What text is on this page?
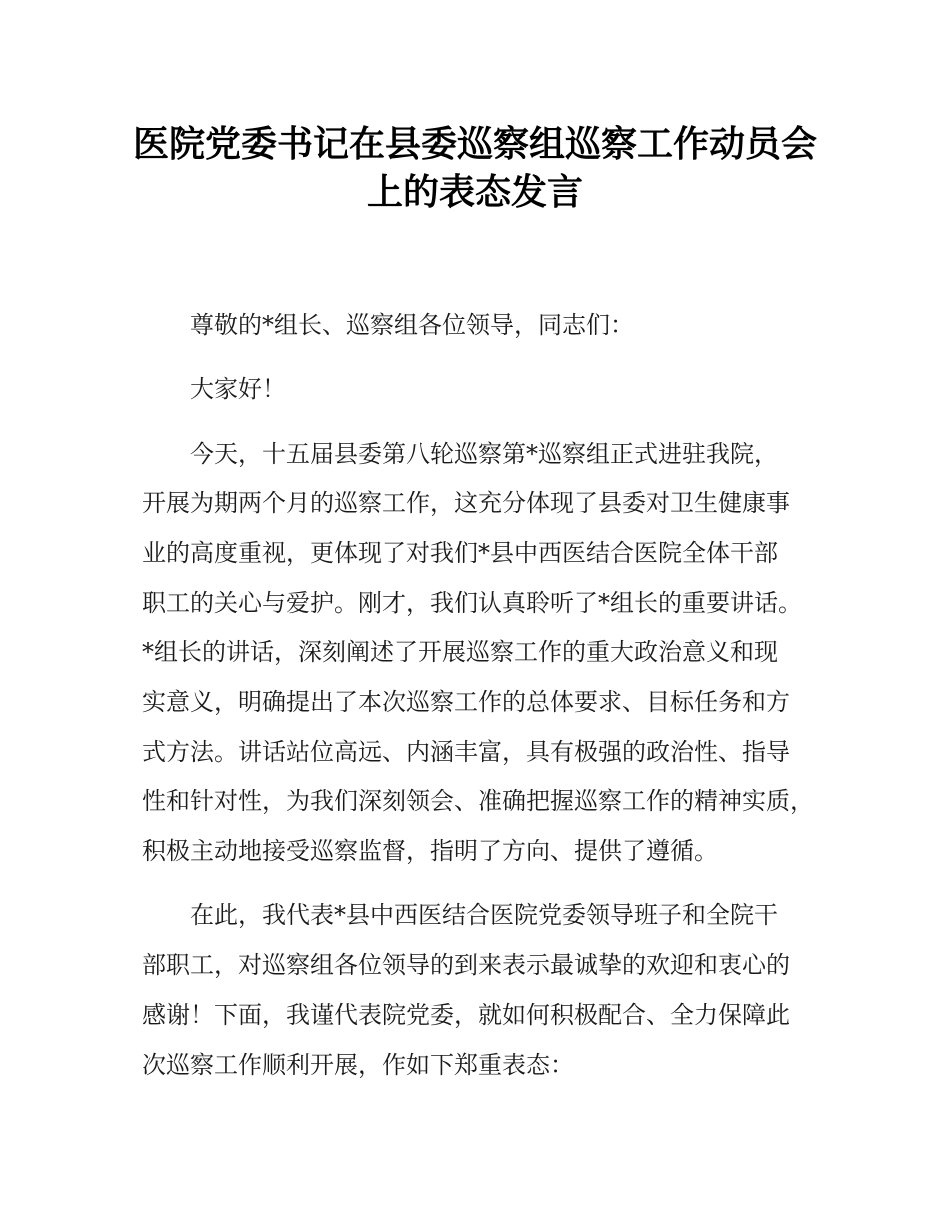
医院党委书记在县委巡察组巡察工作动员会
上的表态发言

尊敬的*组长、巡察组各位领导，同志们：

大家好！

今天，十五届县委第八轮巡察第*巡察组正式进驻我院，

开展为期两个月的巡察工作，这充分体现了县委对卫生健康事

业的高度重视，更体现了对我们*县中西医结合医院全体干部

职工的关心与爱护。刚才，我们认真聆听了*组长的重要讲话。

*组长的讲话，深刻阐述了开展巡察工作的重大政治意义和现

实意义，明确提出了本次巡察工作的总体要求、目标任务和方

式方法。讲话站位高远、内涵丰富，具有极强的政治性、指导

性和针对性，为我们深刻领会、准确把握巡察工作的精神实质，

积极主动地接受巡察监督，指明了方向、提供了遵循。

在此，我代表*县中西医结合医院党委领导班子和全院干

部职工，对巡察组各位领导的到来表示最诚挚的欢迎和衷心的

感谢！下面，我谨代表院党委，就如何积极配合、全力保障此

次巡察工作顺利开展，作如下郑重表态：
